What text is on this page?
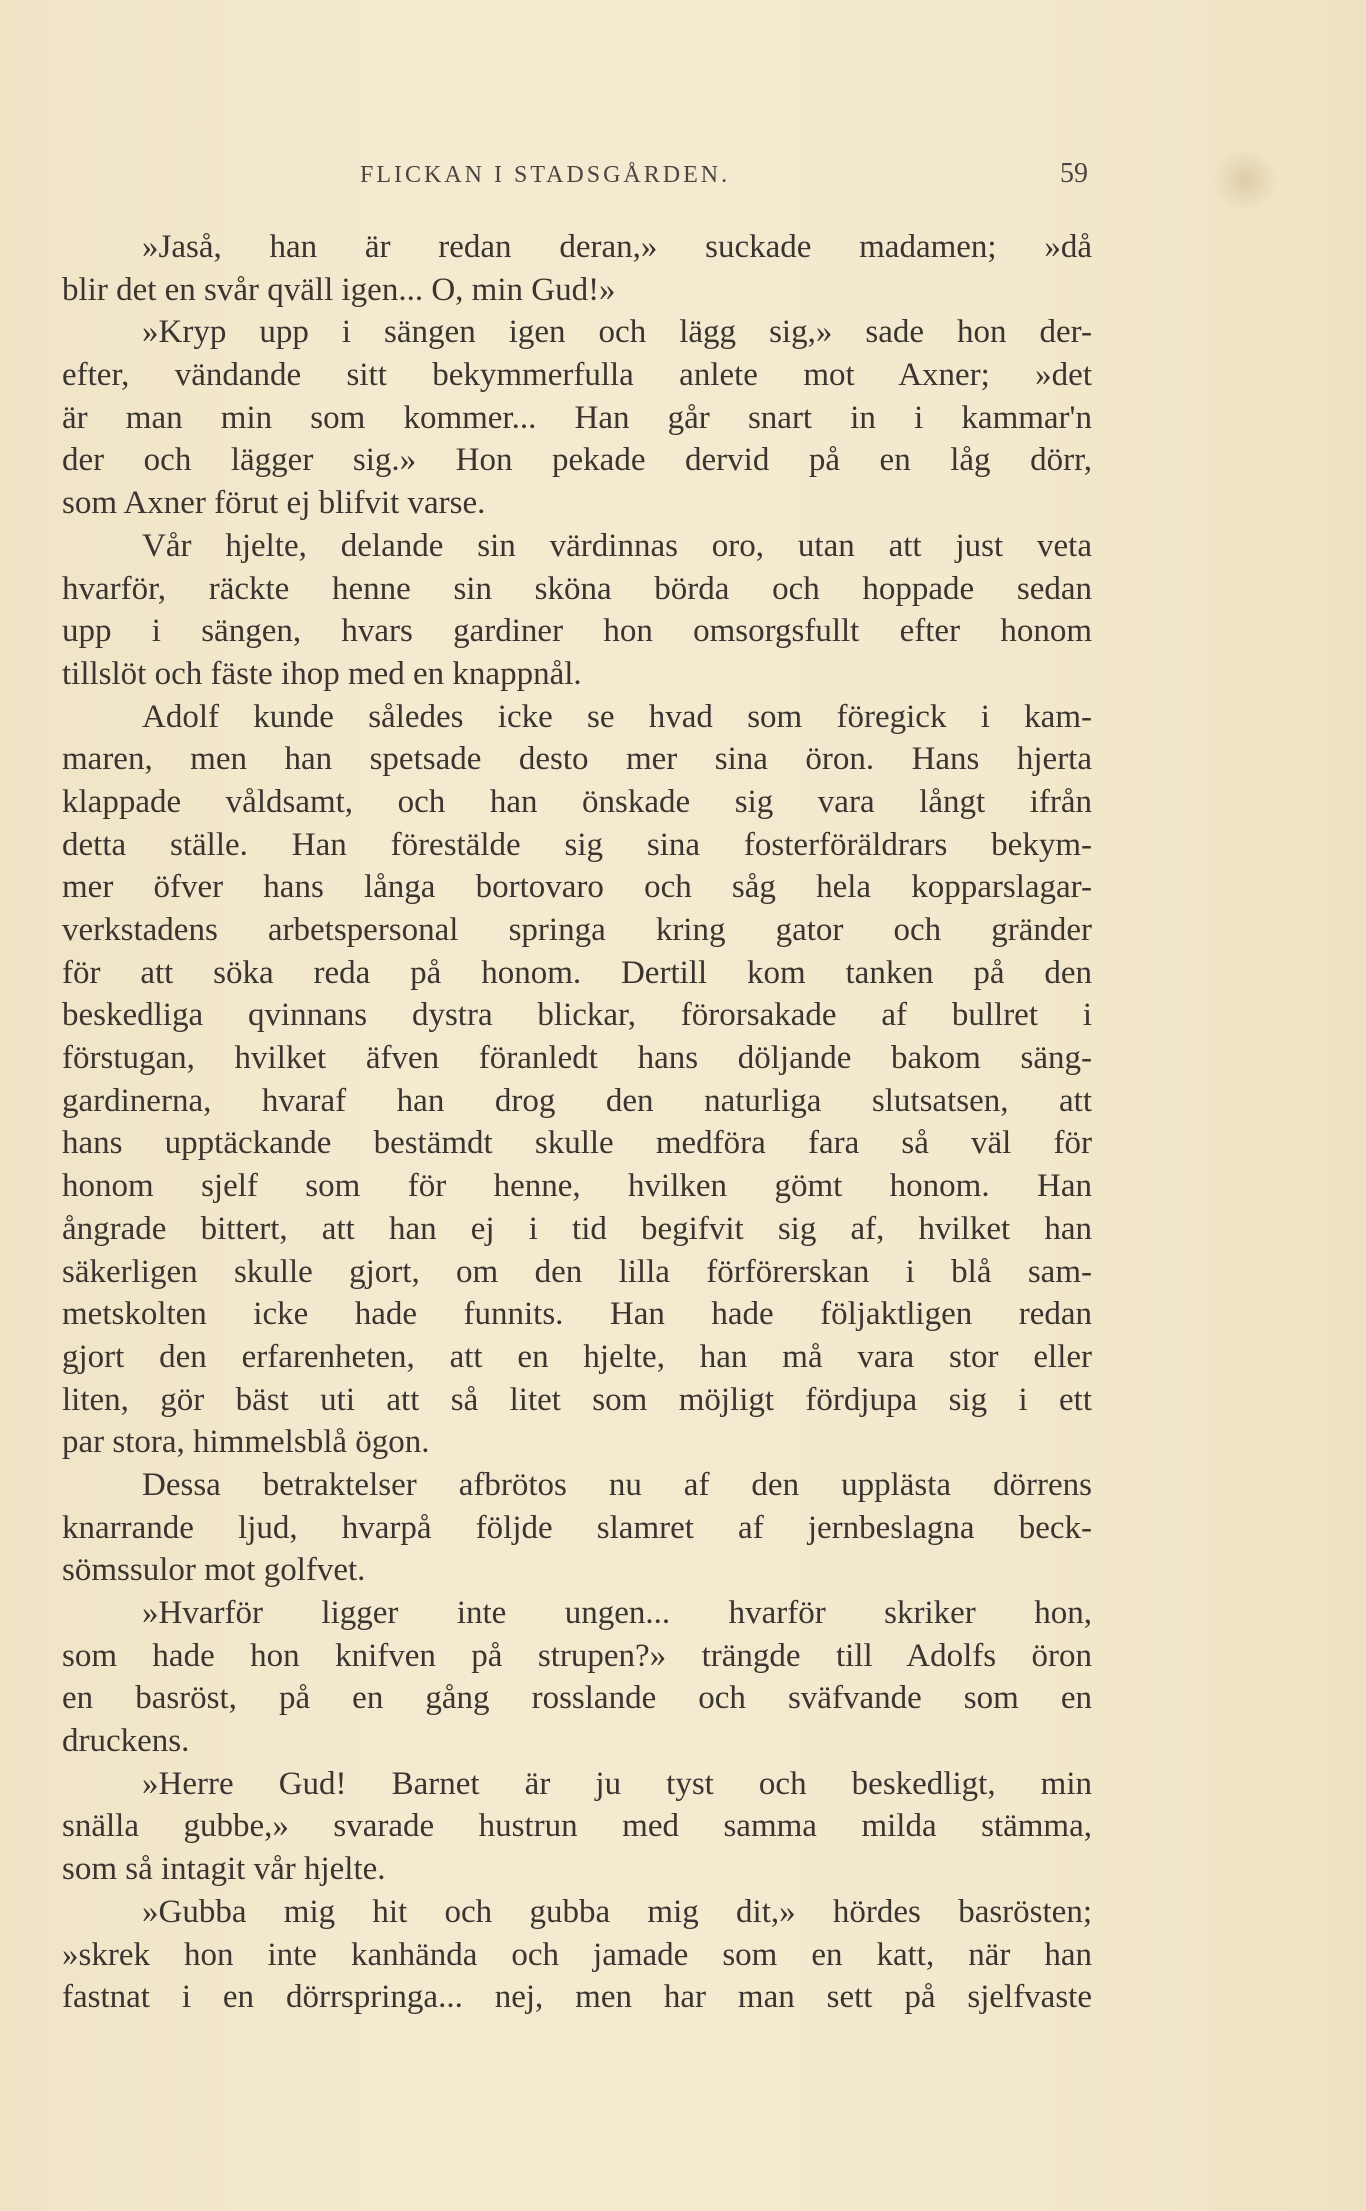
FLICKAN I STADSGÅRDEN.	59
»Jaså, han är redan deran,» suckade madamen; »då
blir det en svår qväll igen... O, min Gud!»
»Kryp upp i sängen igen och lägg sig,» sade hon der-
efter, vändande sitt bekymmerfulla anlete mot Axner; »det
är man min som kommer... Han går snart in i kammar'n
der och lägger sig.» Hon pekade dervid på en låg dörr,
som Axner förut ej blifvit varse.
Vår hjelte, delande sin värdinnas oro, utan att just veta
hvarför, räckte henne sin sköna börda och hoppade sedan
upp i sängen, hvars gardiner hon omsorgsfullt efter honom
tillslöt och fäste ihop med en knappnål.
Adolf kunde således icke se hvad som föregick i kam-
maren, men han spetsade desto mer sina öron. Hans hjerta
klappade våldsamt, och han önskade sig vara långt ifrån
detta ställe. Han förestälde sig sina fosterföräldrars bekym-
mer öfver hans långa bortovaro och såg hela kopparslagar-
verkstadens arbetspersonal springa kring gator och gränder
för att söka reda på honom. Dertill kom tanken på den
beskedliga qvinnans dystra blickar, förorsakade af bullret i
förstugan, hvilket äfven föranledt hans döljande bakom säng-
gardinerna, hvaraf han drog den naturliga slutsatsen, att
hans upptäckande bestämdt skulle medföra fara så väl för
honom sjelf som för henne, hvilken gömt honom. Han
ångrade bittert, att han ej i tid begifvit sig af, hvilket han
säkerligen skulle gjort, om den lilla förförerskan i blå sam-
metskolten icke hade funnits. Han hade följaktligen redan
gjort den erfarenheten, att en hjelte, han må vara stor eller
liten, gör bäst uti att så litet som möjligt fördjupa sig i ett
par stora, himmelsblå ögon.
Dessa betraktelser afbrötos nu af den upplästa dörrens
knarrande ljud, hvarpå följde slamret af jernbeslagna beck-
sömssulor mot golfvet.
»Hvarför ligger inte ungen... hvarför skriker hon,
som hade hon knifven på strupen?» trängde till Adolfs öron
en basröst, på en gång rosslande och sväfvande som en
druckens.
»Herre Gud! Barnet är ju tyst och beskedligt, min
snälla gubbe,» svarade hustrun med samma milda stämma,
som så intagit vår hjelte.
»Gubba mig hit och gubba mig dit,» hördes basrösten;
»skrek hon inte kanhända och jamade som en katt, när han
fastnat i en dörrspringa... nej, men har man sett på sjelfvaste
